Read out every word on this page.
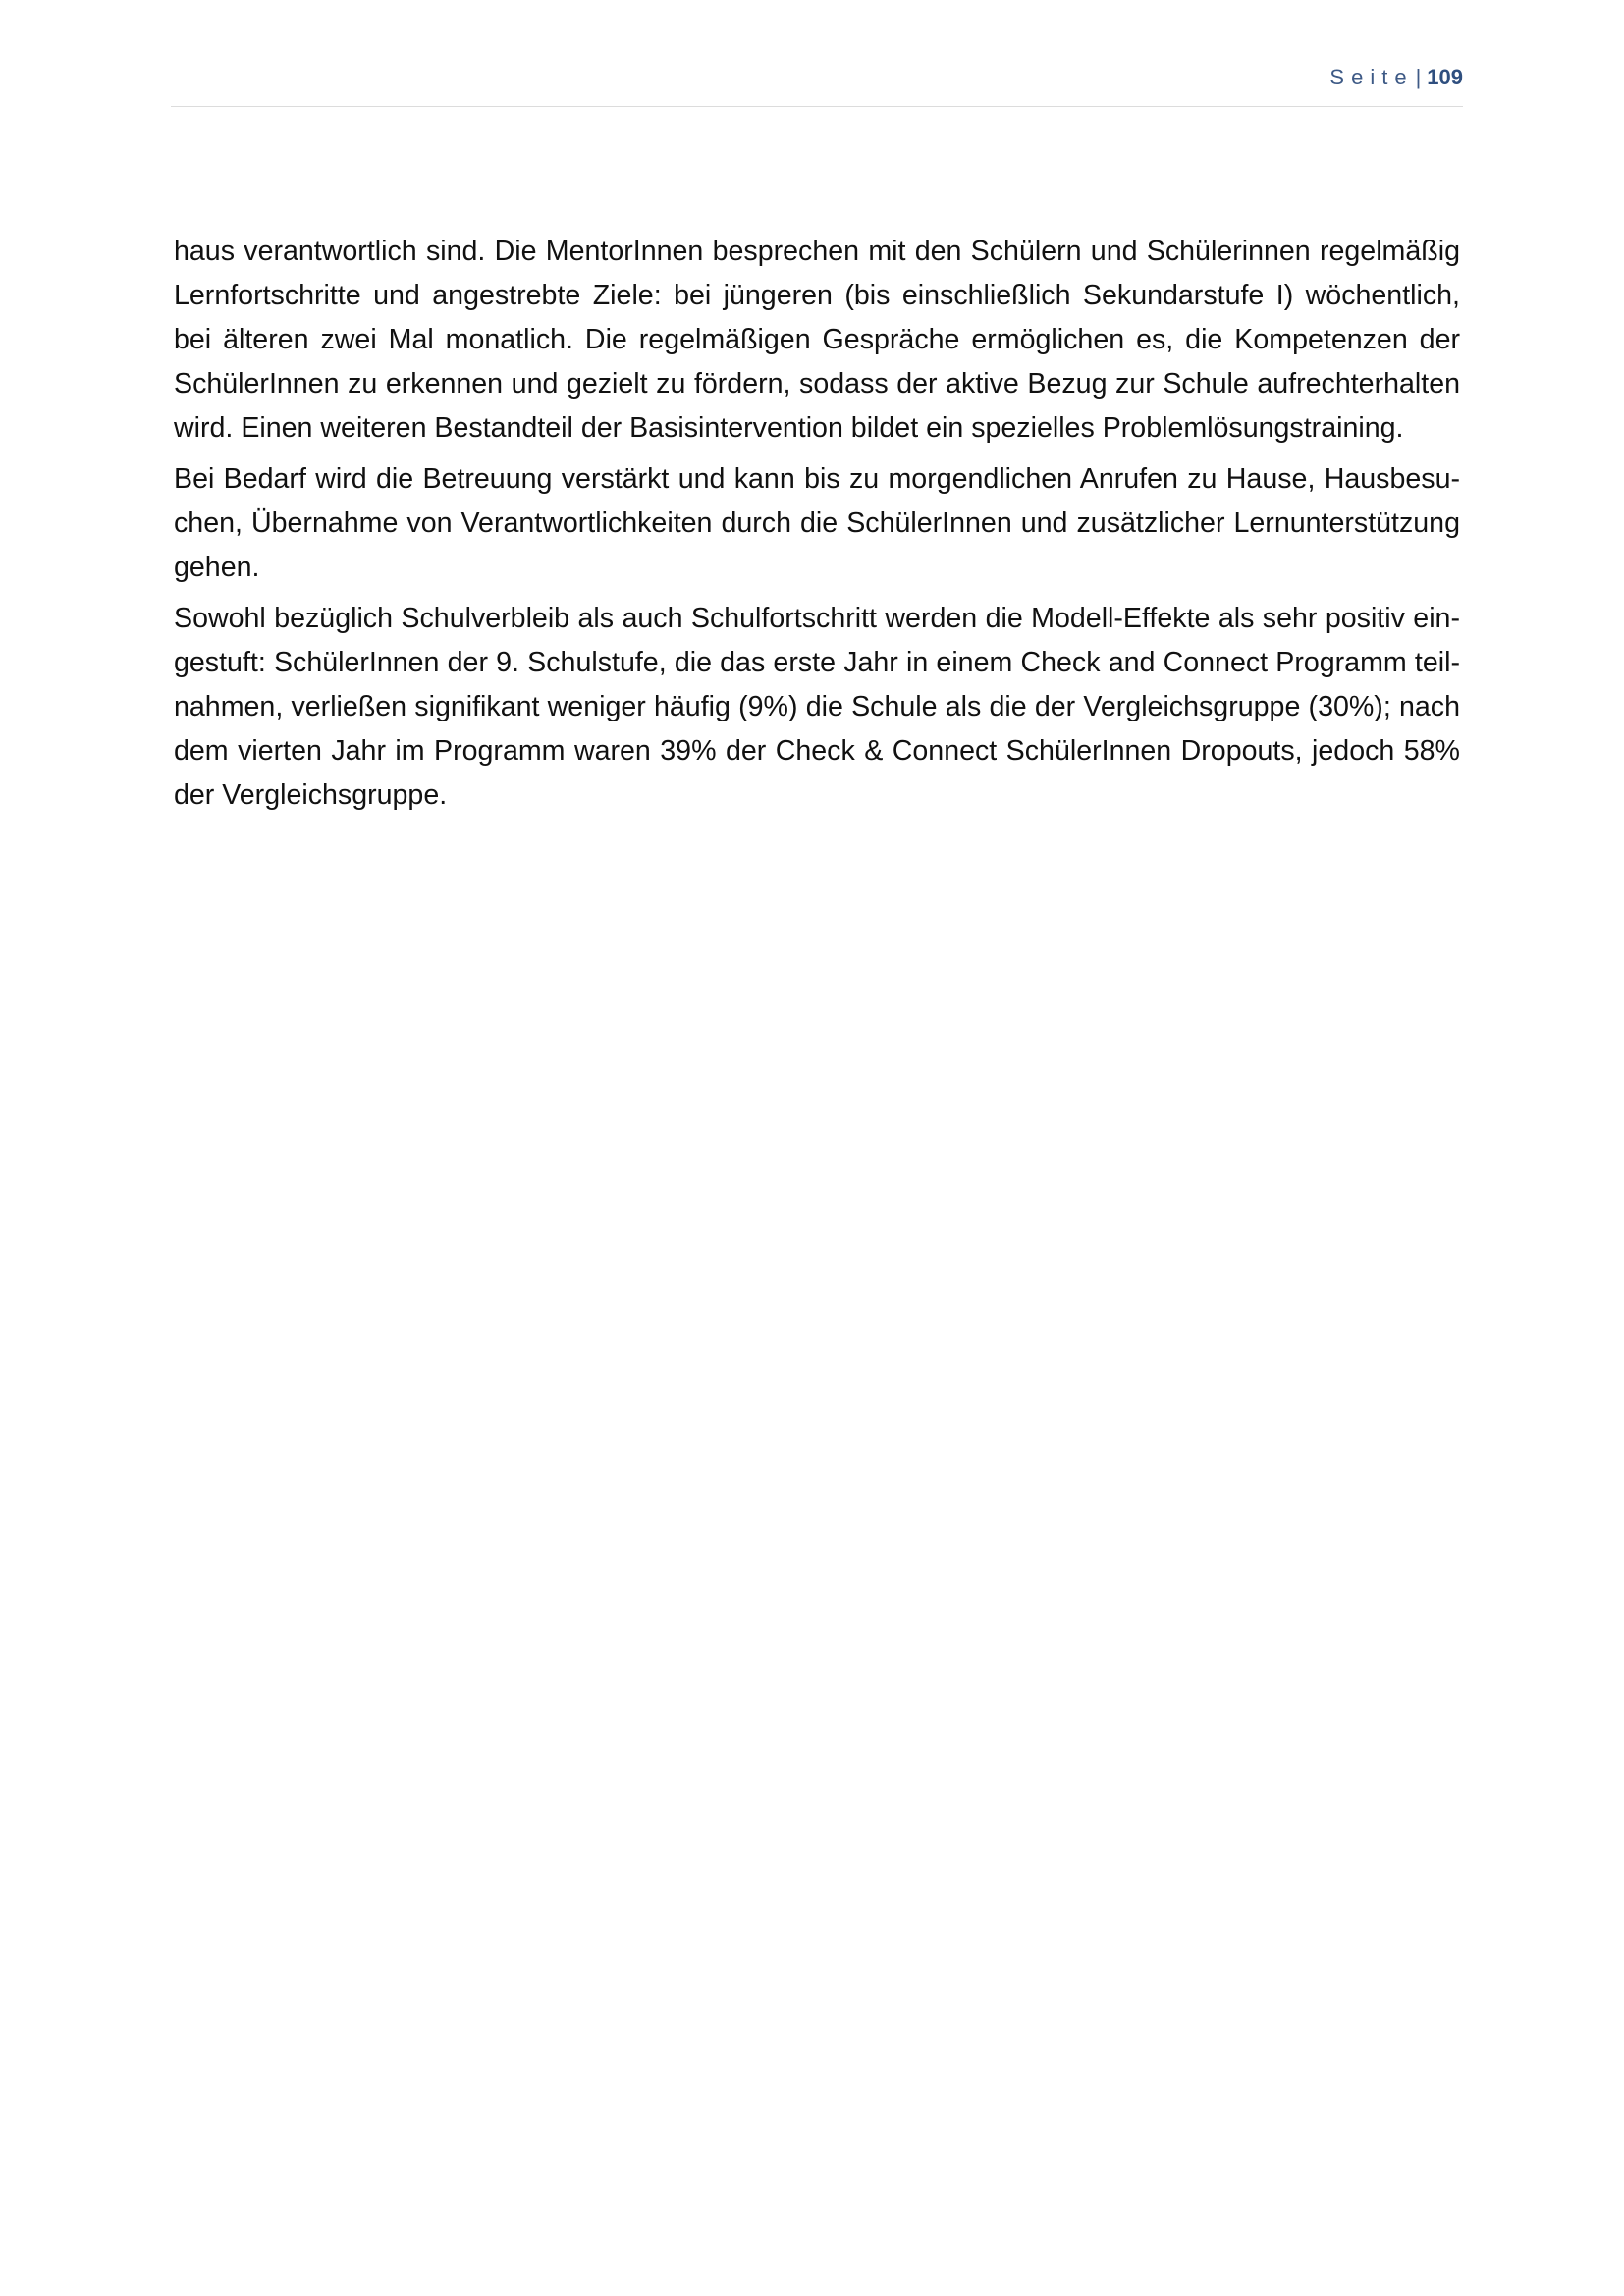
Seite| 109

haus verantwortlich sind. Die MentorInnen besprechen mit den Schülern und Schülerinnen regelmäßig Lernfortschritte und angestrebte Ziele: bei jüngeren (bis einschließlich Sekundarstufe I) wöchentlich, bei älteren zwei Mal monatlich. Die regelmäßigen Gespräche ermöglichen es, die Kompetenzen der SchülerInnen zu erkennen und gezielt zu fördern, sodass der aktive Bezug zur Schule aufrechterhalten wird. Einen weiteren Bestandteil der Basisintervention bildet ein spezielles Problemlösungstraining.

Bei Bedarf wird die Betreuung verstärkt und kann bis zu morgendlichen Anrufen zu Hause, Hausbesuchen, Übernahme von Verantwortlichkeiten durch die SchülerInnen und zusätzlicher Lernunterstützung gehen.

Sowohl bezüglich Schulverbleib als auch Schulfortschritt werden die Modell-Effekte als sehr positiv eingestuft: SchülerInnen der 9. Schulstufe, die das erste Jahr in einem Check and Connect Programm teilnahmen, verließen signifikant weniger häufig (9%) die Schule als die der Vergleichsgruppe (30%); nach dem vierten Jahr im Programm waren 39% der Check & Connect SchülerInnen Dropouts, jedoch 58% der Vergleichsgruppe.
